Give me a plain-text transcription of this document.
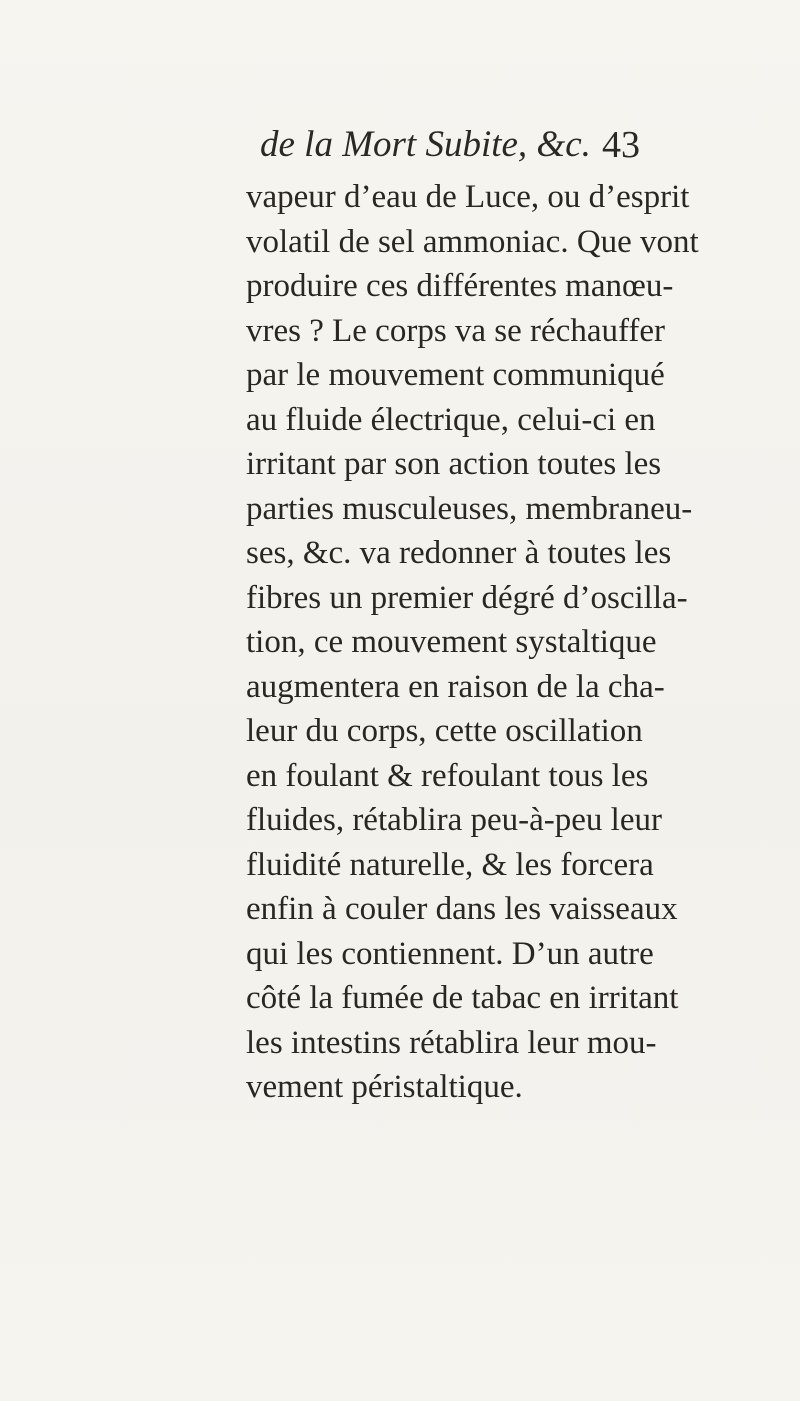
de la Mort Subite, &c. 43
vapeur d’eau de Luce, ou d’esprit
volatil de sel ammoniac. Que vont
produire ces différentes manœu-
vres ? Le corps va se réchauffer
par le mouvement communiqué
au fluide électrique, celui-ci en
irritant par son action toutes les
parties musculeuses, membraneu-
ses, &c. va redonner à toutes les
fibres un premier dégré d’oscilla-
tion, ce mouvement systaltique
augmentera en raison de la cha-
leur du corps, cette oscillation
en foulant & refoulant tous les
fluides, rétablira peu-à-peu leur
fluidité naturelle, & les forcera
enfin à couler dans les vaisseaux
qui les contiennent. D’un autre
côté la fumée de tabac en irritant
les intestins rétablira leur mou-
vement péristaltique.
